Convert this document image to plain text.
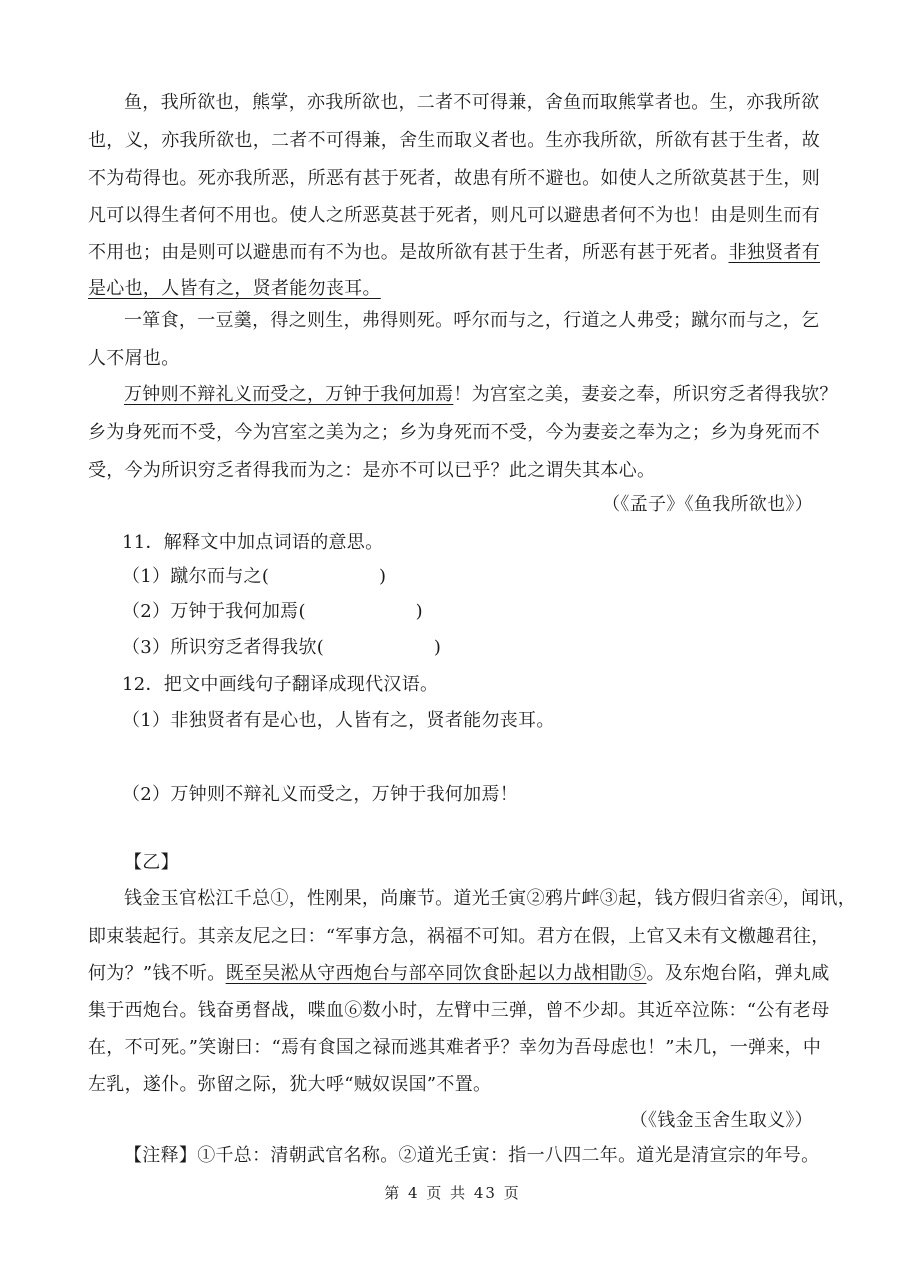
鱼，我所欲也，熊掌，亦我所欲也，二者不可得兼，舍鱼而取熊掌者也。生，亦我所欲
也，义，亦我所欲也，二者不可得兼，舍生而取义者也。生亦我所欲，所欲有甚于生者，故
不为苟得也。死亦我所恶，所恶有甚于死者，故患有所不避也。如使人之所欲莫甚于生，则
凡可以得生者何不用也。使人之所恶莫甚于死者，则凡可以避患者何不为也！由是则生而有
不用也；由是则可以避患而有不为也。是故所欲有甚于生者，所恶有甚于死者。非独贤者有
是心也，人皆有之，贤者能勿丧耳。
一箪食，一豆羹，得之则生，弗得则死。呼尔而与之，行道之人弗受；蹴尔而与之，乞
人不屑也。
万钟则不辩礼义而受之，万钟于我何加焉！为宫室之美，妻妾之奉，所识穷乏者得我欤？
乡为身死而不受，今为宫室之美为之；乡为身死而不受，今为妻妾之奉为之；乡为身死而不
受，今为所识穷乏者得我而为之：是亦不可以已乎？此之谓失其本心。
（《孟子》《鱼我所欲也》）
11．解释文中加点词语的意思。
（1）蹴尔而与之(　　　　　　)
（2）万钟于我何加焉(　　　　　　)
（3）所识穷乏者得我欤(　　　　　　)
12．把文中画线句子翻译成现代汉语。
（1）非独贤者有是心也，人皆有之，贤者能勿丧耳。
（2）万钟则不辩礼义而受之，万钟于我何加焉！
【乙】
钱金玉官松江千总①，性刚果，尚廉节。道光壬寅②鸦片衅③起，钱方假归省亲④，闻讯，
即束装起行。其亲友尼之曰：“军事方急，祸福不可知。君方在假，上官又未有文檄趣君往，
何为？”钱不听。既至吴淞从守西炮台与部卒同饮食卧起以力战相勖⑤。及东炮台陷，弹丸咸
集于西炮台。钱奋勇督战，喋血⑥数小时，左臂中三弹，曾不少却。其近卒泣陈：“公有老母
在，不可死。”笑谢曰：“焉有食国之禄而逃其难者乎？幸勿为吾母虑也！”未几，一弹来，中
左乳，遂仆。弥留之际，犹大呼“贼奴误国”不置。
（《钱金玉舍生取义》）
【注释】①千总：清朝武官名称。②道光壬寅：指一八四二年。道光是清宣宗的年号。
第 4 页 共 43 页
